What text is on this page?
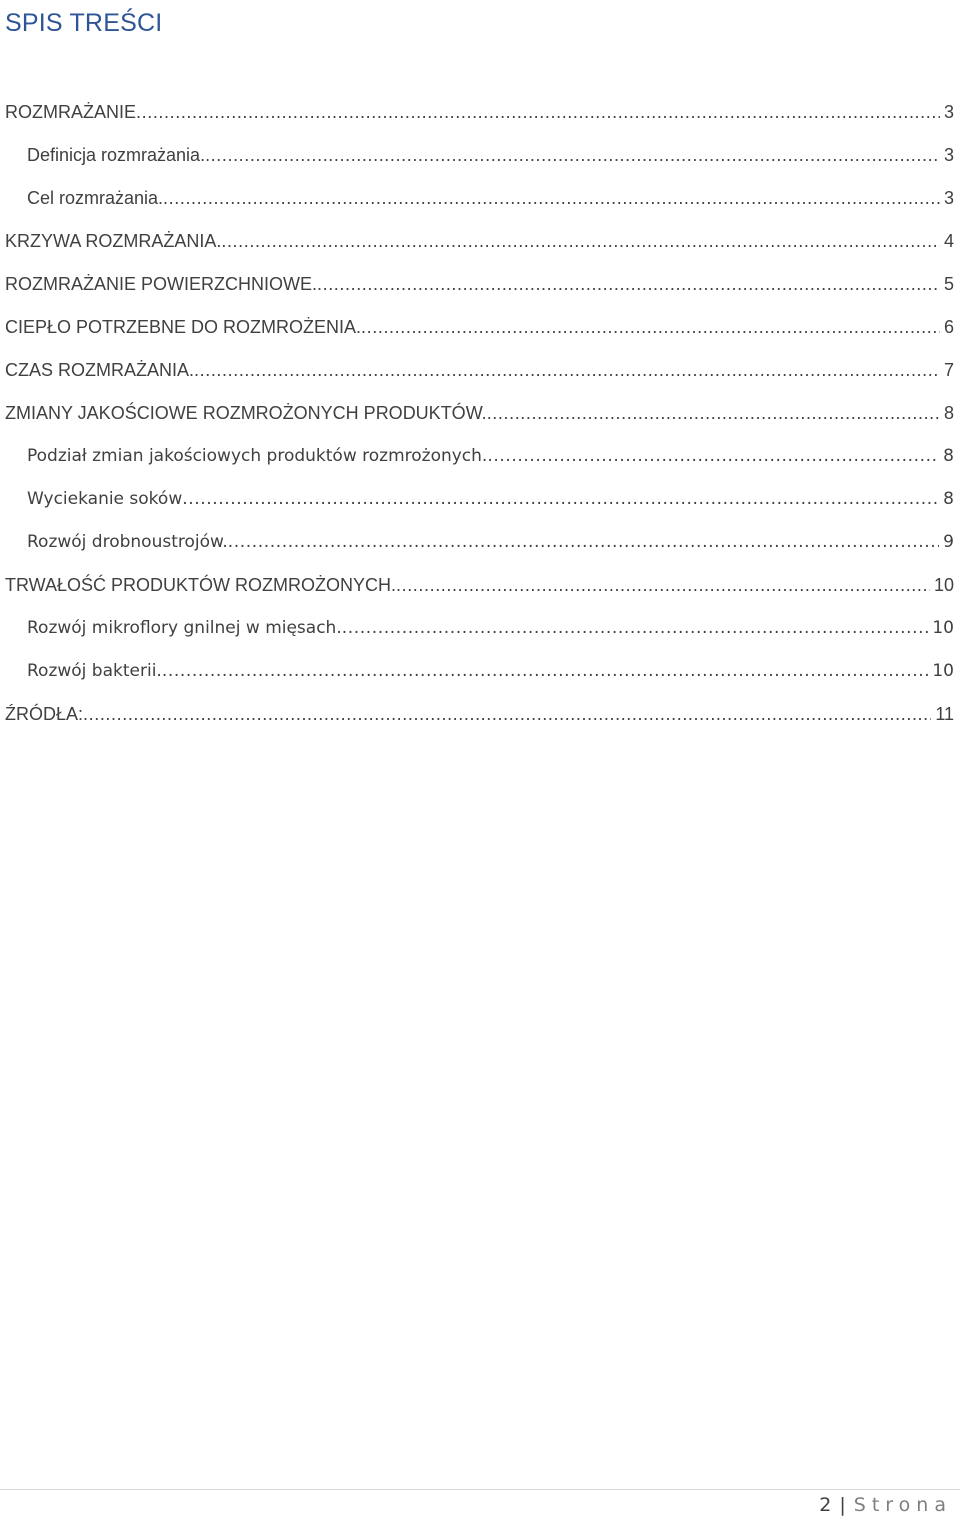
SPIS TREŚCI
ROZMRAŻANIE .....	3
Definicja rozmrażania. .....	3
Cel rozmrażania. .....	3
KRZYWA ROZMRAŻANIA. .....	4
ROZMRAŻANIE POWIERZCHNIOWE. .....	5
CIEPŁO POTRZEBNE DO ROZMROŻENIA. .....	6
CZAS ROZMRAŻANIA. .....	7
ZMIANY JAKOŚCIOWE ROZMROŻONYCH PRODUKTÓW. .....	8
Podział zmian jakościowych produktów rozmrożonych. .....	8
Wyciekanie soków .....	8
Rozwój drobnoustrojów. .....	9
TRWAŁOŚĆ PRODUKTÓW ROZMROŻONYCH. .....	10
Rozwój mikroflory gnilnej w mięsach. .....	10
Rozwój bakterii. .....	10
ŹRÓDŁA: .....	11
2 | Strona
